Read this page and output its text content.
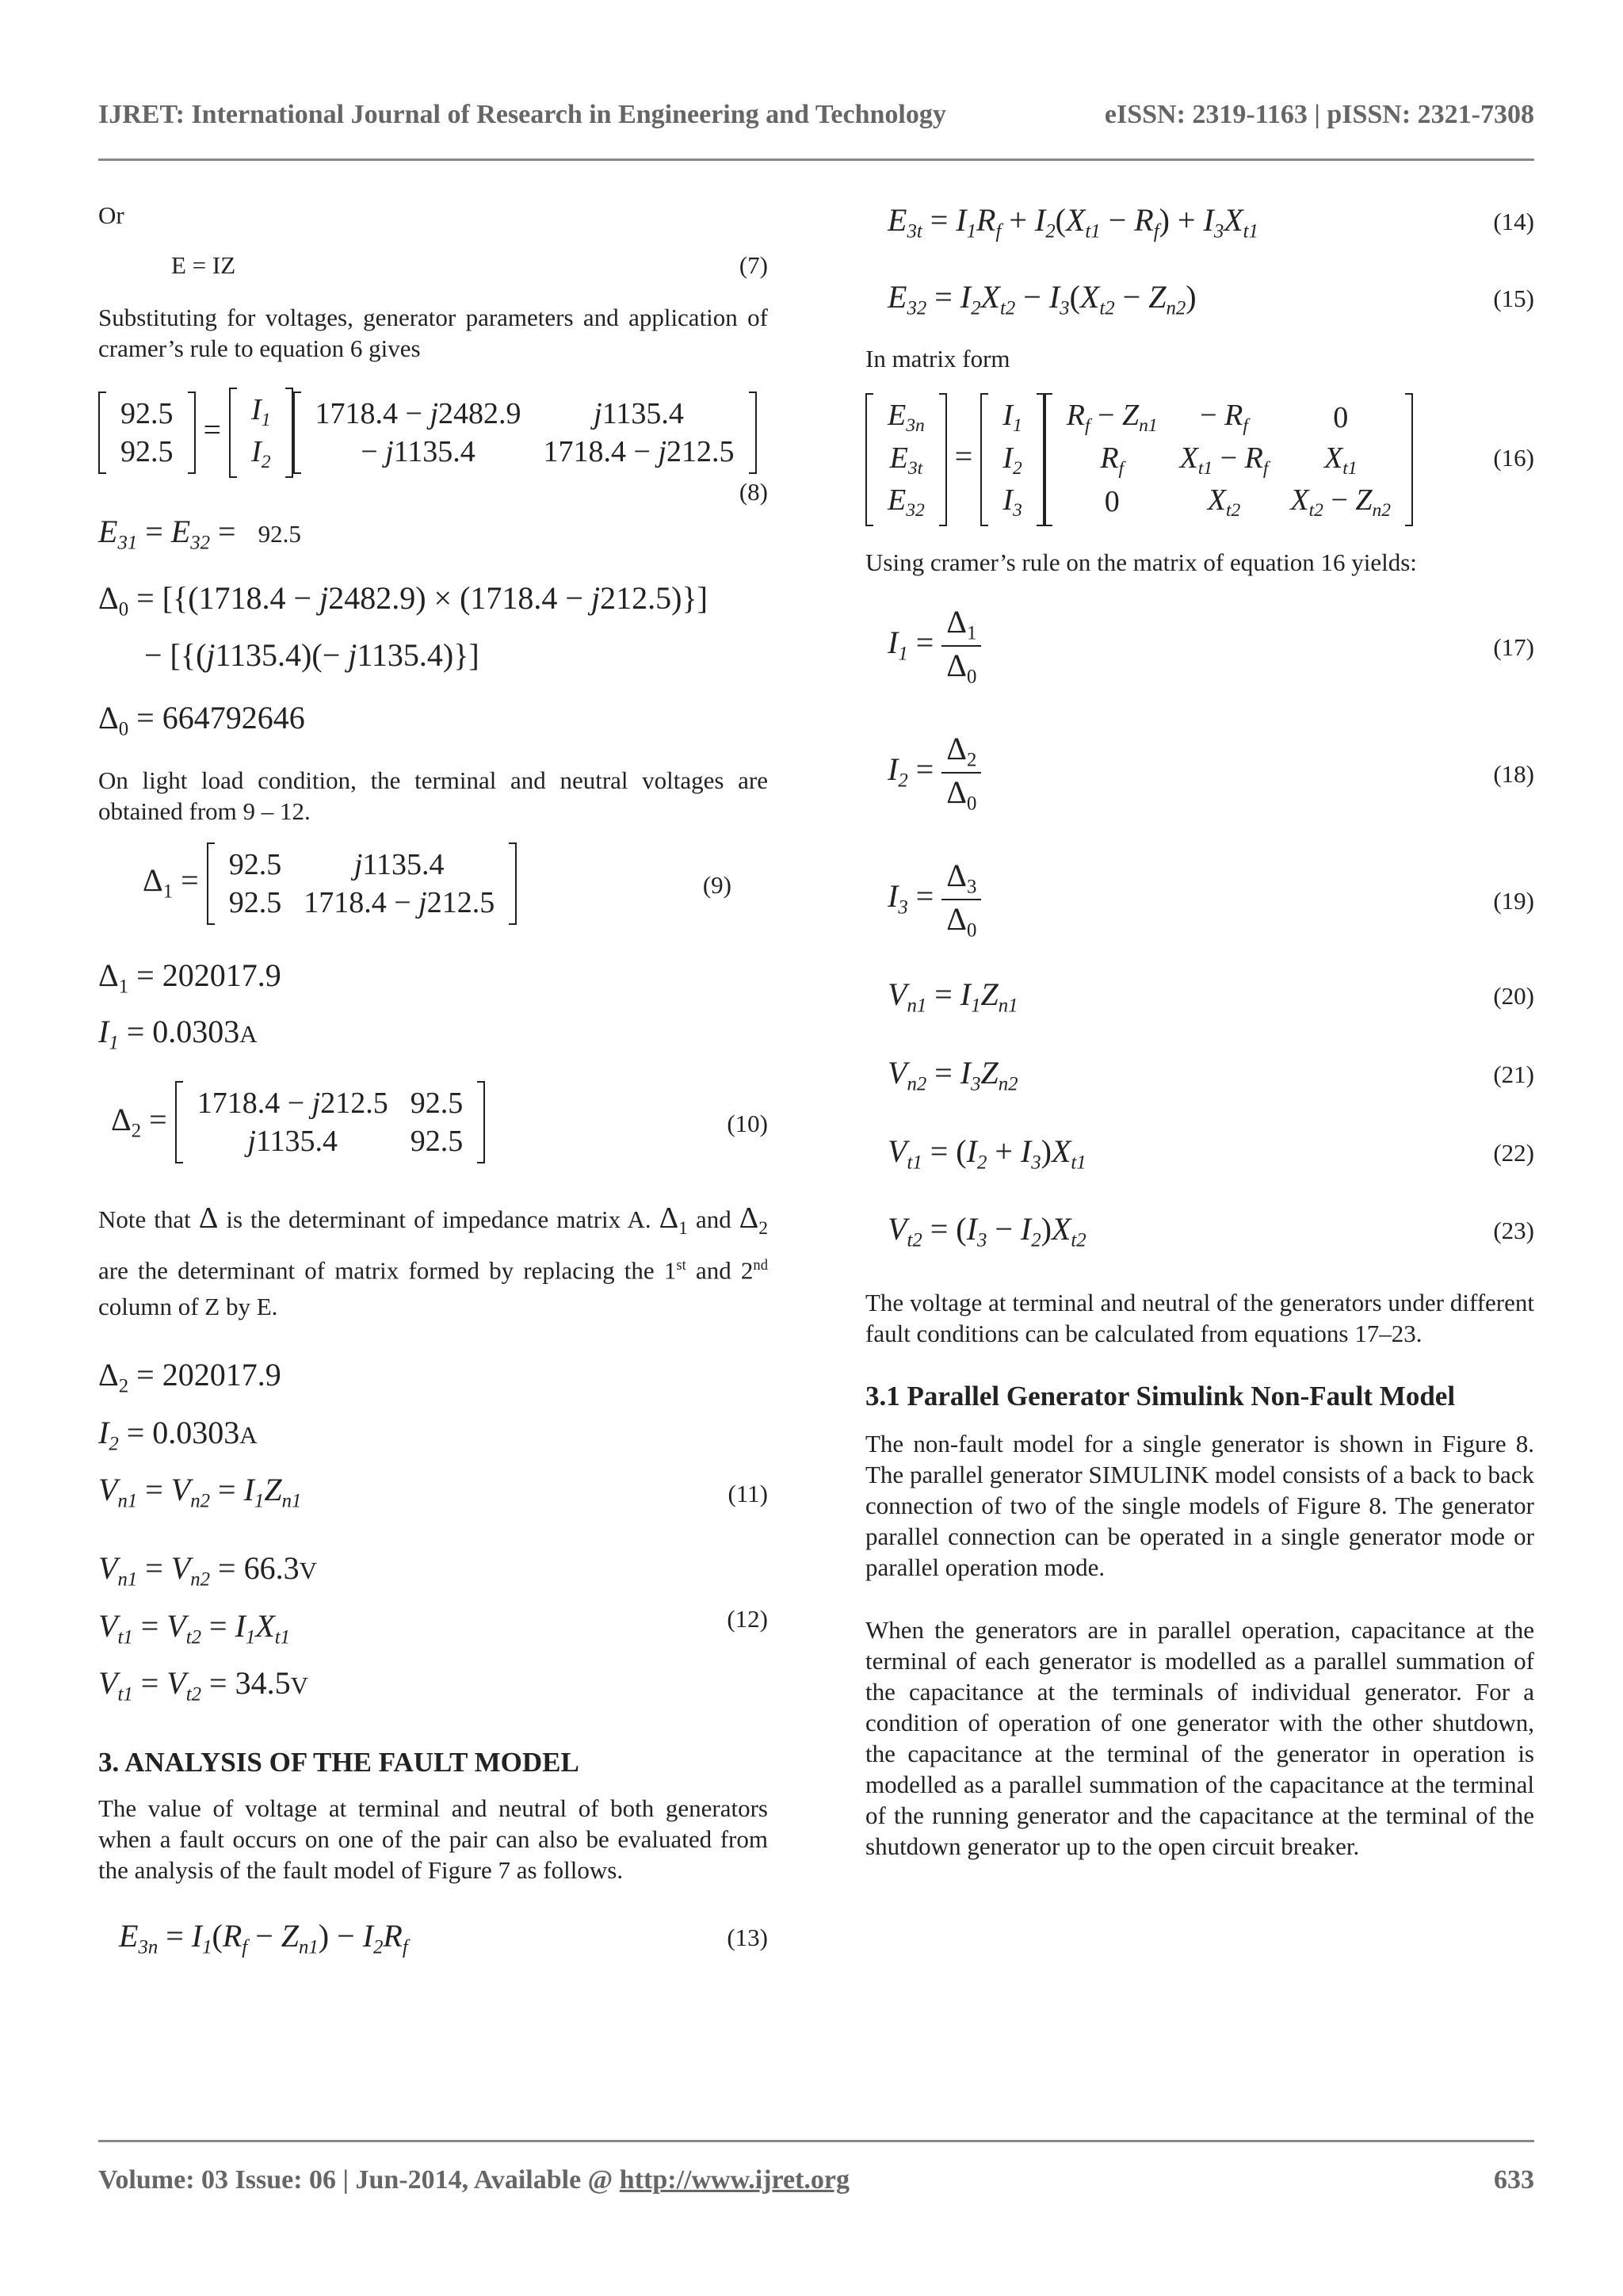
IJRET: International Journal of Research in Engineering and Technology	eISSN: 2319-1163 | pISSN: 2321-7308

Or

E = IZ	(7)

Substituting for voltages, generator parameters and application of cramer’s rule to equation 6 gives

92.5
92.5
=
$I_1$
$I_2$
1718.4 − j2482.9	j1135.4
− j1135.4	1718.4 − j212.5
(8)
$E_{31} = E_{32} = 92.5$
$\Delta_0 = [\{(1718.4 - j2482.9) \times (1718.4 - j212.5)\}]$
− [{(j1135.4)(− j1135.4)}]
$\Delta_0 = 664792646$

On light load condition, the terminal and neutral voltages are obtained from 9 – 12.

$\Delta_1 = 92.5$	j1135.4
92.5	1718.4 − j212.5
(9)
$\Delta_1 = 202017.9$
$I_1 = 0.0303A$
$\Delta_2 = 1718.4 - j212.5$	92.5
j1135.4	92.5
(10)

Note that Δ is the determinant of impedance matrix A. $\Delta_1$ and $\Delta_2$ are the determinant of matrix formed by replacing the 1st and 2nd column of Z by E.

$\Delta_2 = 202017.9$
$I_2 = 0.0303A$
$V_{n1} = V_{n2} = I_1Z_{n1}$	(11)
$V_{n1} = V_{n2} = 66.3V$
$V_{t1} = V_{t2} = I_1X_{t1}$
$V_{t1} = V_{t2} = 34.5V$
(12)

3. ANALYSIS OF THE FAULT MODEL

The value of voltage at terminal and neutral of both generators when a fault occurs on one of the pair can also be evaluated from the analysis of the fault model of Figure 7 as follows.

$E_{3n} = I_1(R_f - Z_{n1}) - I_2R_f$	(13)
$E_{3t} = I_1R_f + I_2(X_{t1} - R_f) + I_3X_{t1}$	(14)
$E_{32} = I_2X_{t2} - I_3(X_{t2} - Z_{n2})$	(15)

In matrix form

$E_{3n}$
$E_{3t}$
$E_{32}$
=
$I_1$
$I_2$
$I_3$
$R_f - Z_{n1}$	− $R_f$	0
$R_f$	$X_{t1} - R_f$	$X_{t1}$
0	$X_{t2}$	$X_{t2} - Z_{n2}$
(16)

Using cramer’s rule on the matrix of equation 16 yields:

$I_1 = \frac{\Delta_1}{\Delta_0}$	(17)
$I_2 = \frac{\Delta_2}{\Delta_0}$	(18)
$I_3 = \frac{\Delta_3}{\Delta_0}$	(19)
$V_{n1} = I_1Z_{n1}$	(20)
$V_{n2} = I_3Z_{n2}$	(21)
$V_{t1} = (I_2 + I_3)X_{t1}$	(22)
$V_{t2} = (I_3 - I_2)X_{t2}$	(23)

The voltage at terminal and neutral of the generators under different fault conditions can be calculated from equations 17–23.

3.1 Parallel Generator Simulink Non-Fault Model

The non-fault model for a single generator is shown in Figure 8. The parallel generator SIMULINK model consists of a back to back connection of two of the single models of Figure 8. The generator parallel connection can be operated in a single generator mode or parallel operation mode.

When the generators are in parallel operation, capacitance at the terminal of each generator is modelled as a parallel summation of the capacitance at the terminals of individual generator. For a condition of operation of one generator with the other shutdown, the capacitance at the terminal of the generator in operation is modelled as a parallel summation of the capacitance at the terminal of the running generator and the capacitance at the terminal of the shutdown generator up to the open circuit breaker.

Volume: 03 Issue: 06 | Jun-2014, Available @ http://www.ijret.org	633
